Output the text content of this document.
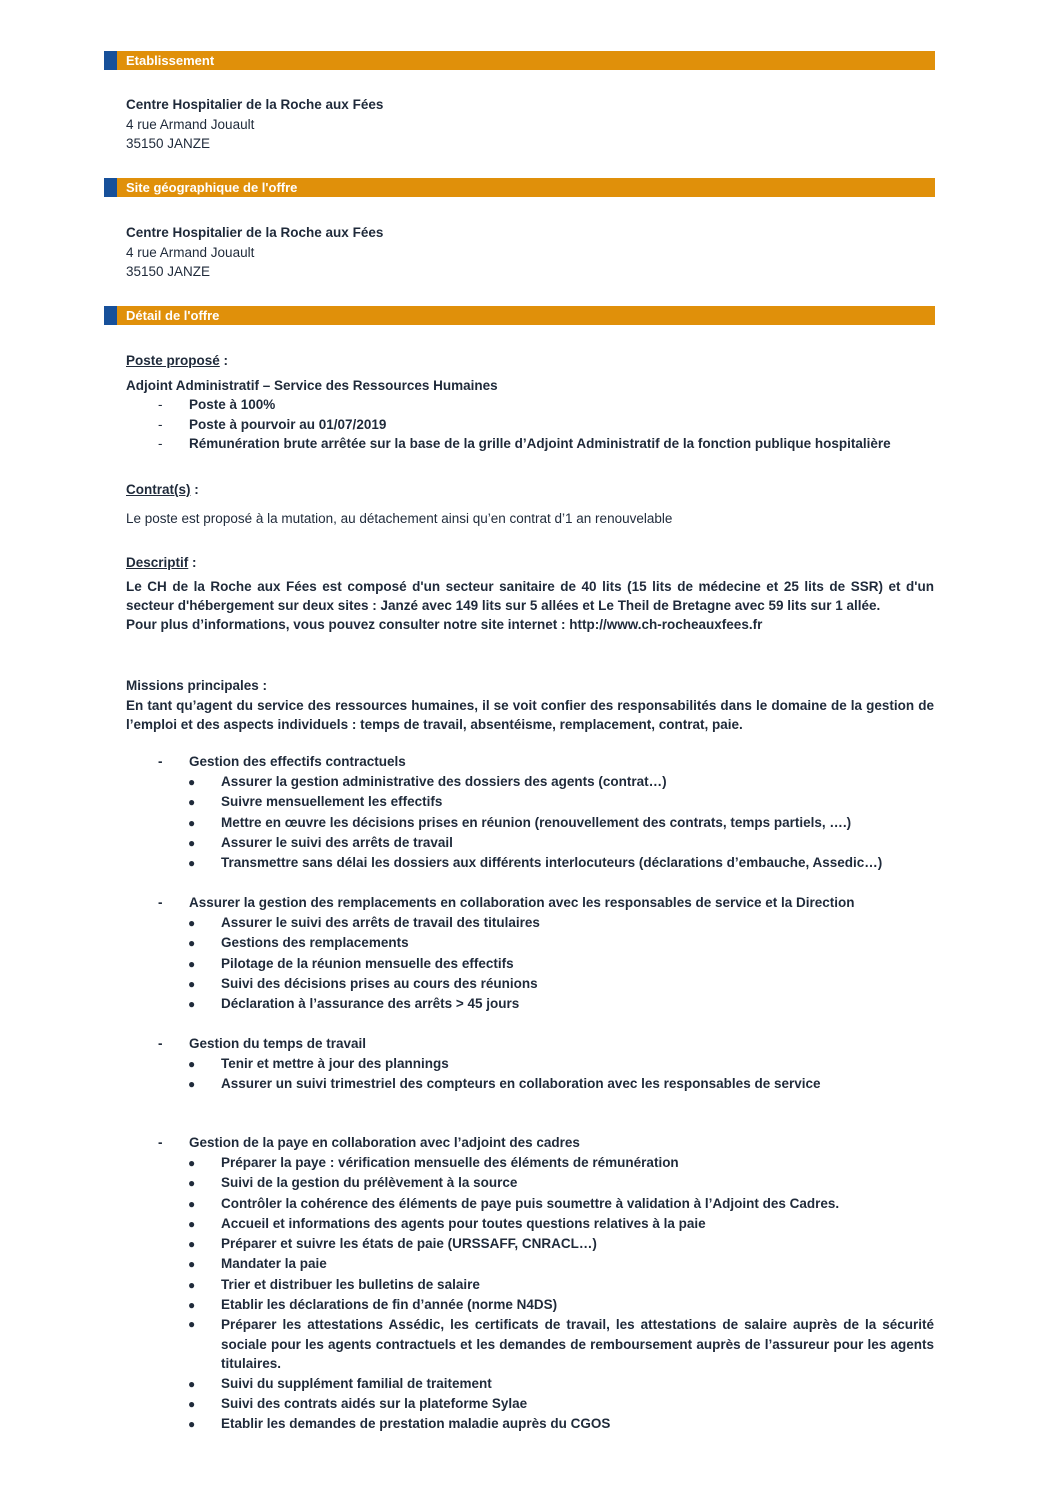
Etablissement
Centre Hospitalier de la Roche aux Fées
4 rue Armand Jouault
35150 JANZE
Site géographique de l'offre
Centre Hospitalier de la Roche aux Fées
4 rue Armand Jouault
35150 JANZE
Détail de l'offre
Poste proposé :
Adjoint Administratif – Service des Ressources Humaines
- Poste à 100%
- Poste à pourvoir au 01/07/2019
- Rémunération brute arrêtée sur la base de la grille d’Adjoint Administratif de la fonction publique hospitalière
Contrat(s) :
Le poste est proposé à la mutation, au détachement ainsi qu’en contrat d’1 an renouvelable
Descriptif :
Le CH de la Roche aux Fées est composé d'un secteur sanitaire de 40 lits (15 lits de médecine et 25 lits de SSR) et d'un secteur d'hébergement sur deux sites : Janzé avec 149 lits sur 5 allées et Le Theil de Bretagne avec 59 lits sur 1 allée.
Pour plus d’informations, vous pouvez consulter notre site internet : http://www.ch-rocheauxfees.fr
Missions principales :
En tant qu’agent du service des ressources humaines, il se voit confier des responsabilités dans le domaine de la gestion de l’emploi et des aspects individuels : temps de travail, absentéisme, remplacement, contrat, paie.
- Gestion des effectifs contractuels
● Assurer la gestion administrative des dossiers des agents (contrat…)
● Suivre mensuellement les effectifs
● Mettre en œuvre les décisions prises en réunion (renouvellement des contrats, temps partiels, ….)
● Assurer le suivi des arrêts de travail
● Transmettre sans délai les dossiers aux différents interlocuteurs (déclarations d’embauche, Assedic…)
- Assurer la gestion des remplacements en collaboration avec les responsables de service et la Direction
● Assurer le suivi des arrêts de travail des titulaires
● Gestions des remplacements
● Pilotage de la réunion mensuelle des effectifs
● Suivi des décisions prises au cours des réunions
● Déclaration à l’assurance des arrêts > 45 jours
- Gestion du temps de travail
● Tenir et mettre à jour des plannings
● Assurer un suivi trimestriel des compteurs en collaboration avec les responsables de service
- Gestion de la paye en collaboration avec l’adjoint des cadres
● Préparer la paye : vérification mensuelle des éléments de rémunération
● Suivi de la gestion du prélèvement à la source
● Contrôler la cohérence des éléments de paye puis soumettre à validation à l’Adjoint des Cadres.
● Accueil et informations des agents pour toutes questions relatives à la paie
● Préparer et suivre les états de paie (URSSAFF, CNRACL…)
● Mandater la paie
● Trier et distribuer les bulletins de salaire
● Etablir les déclarations de fin d’année (norme N4DS)
● Préparer les attestations Assédic, les certificats de travail, les attestations de salaire auprès de la sécurité sociale pour les agents contractuels et les demandes de remboursement auprès de l’assureur pour les agents titulaires.
● Suivi du supplément familial de traitement
● Suivi des contrats aidés sur la plateforme Sylae
● Etablir les demandes de prestation maladie auprès du CGOS
